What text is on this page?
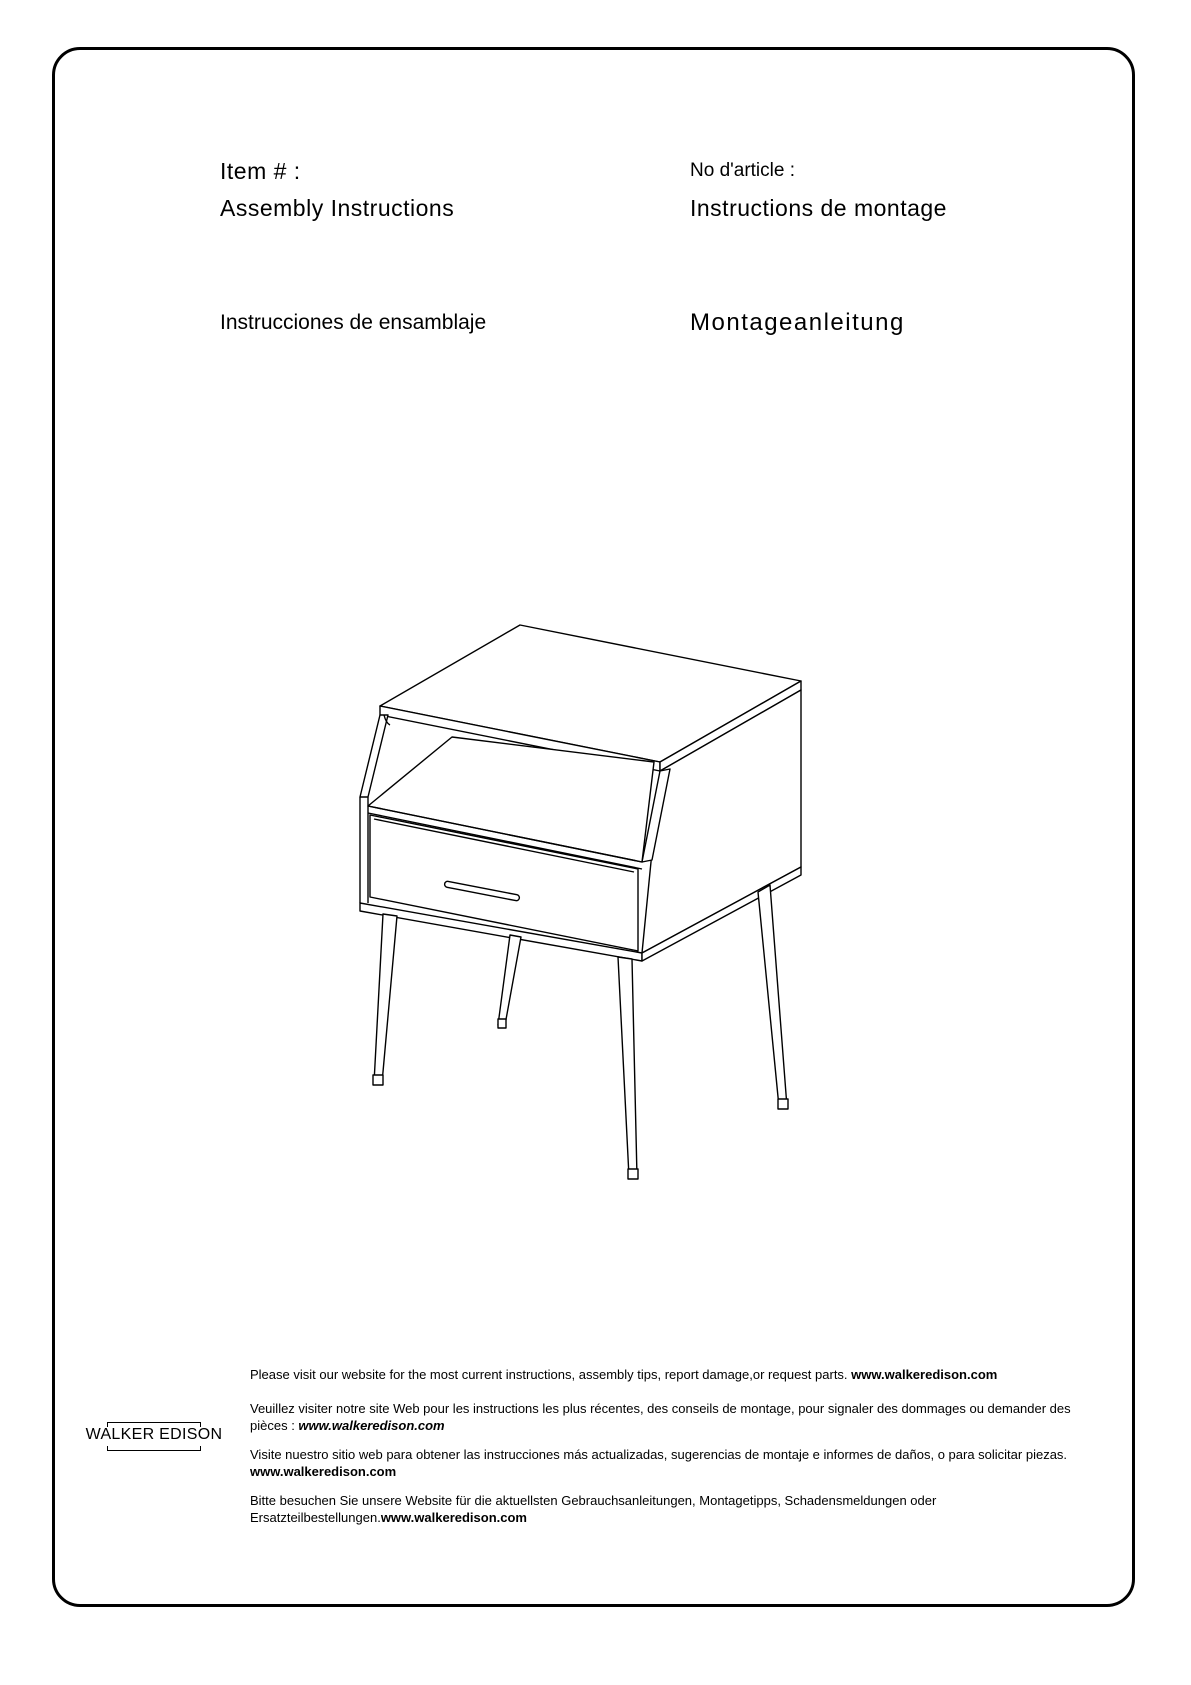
Item # :	No d'article :
Assembly Instructions	Instructions de montage
Instrucciones de ensamblaje	Montageanleitung
Please visit our website for the most current instructions, assembly tips, report damage,or request parts. www.walkeredison.com
Veuillez visiter notre site Web pour les instructions les plus récentes, des conseils de montage, pour signaler des dommages ou demander des pièces : www.walkeredison.com
Visite nuestro sitio web para obtener las instrucciones más actualizadas, sugerencias de montaje e informes de daños, o para solicitar piezas. www.walkeredison.com
Bitte besuchen Sie unsere Website für die aktuellsten Gebrauchsanleitungen, Montagetipps, Schadensmeldungen oder Ersatzteilbestellungen.www.walkeredison.com
WALKER EDISON
